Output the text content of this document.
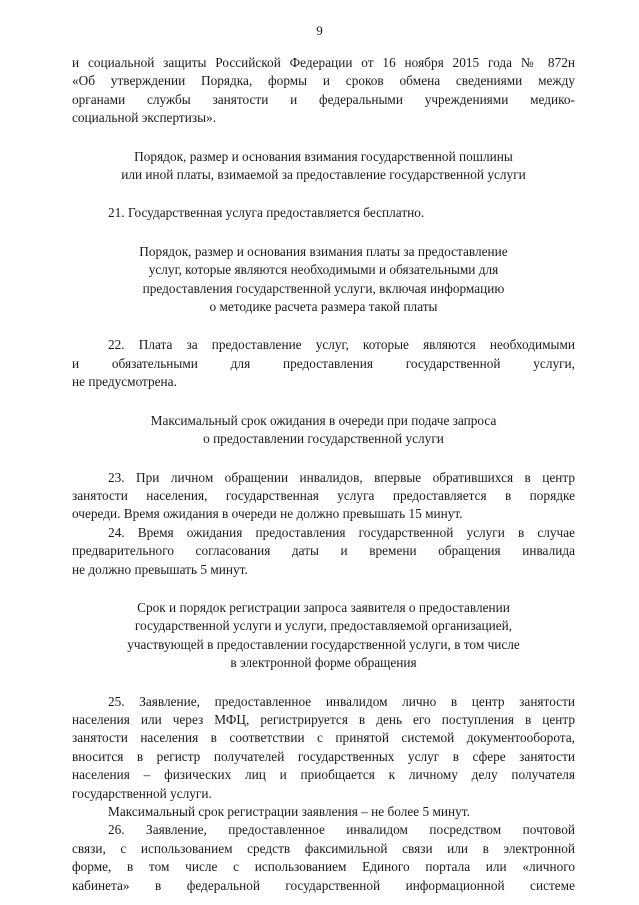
9

и социальной защиты Российской Федерации от 16 ноября 2015 года № 872н
«Об утверждении Порядка, формы и сроков обмена сведениями между
органами службы занятости и федеральными учреждениями медико-
социальной экспертизы».

Порядок, размер и основания взимания государственной пошлины
или иной платы, взимаемой за предоставление государственной услуги

21. Государственная услуга предоставляется бесплатно.

Порядок, размер и основания взимания платы за предоставление
услуг, которые являются необходимыми и обязательными для
предоставления государственной услуги, включая информацию
о методике расчета размера такой платы

22. Плата за предоставление услуг, которые являются необходимыми
и обязательными для предоставления государственной услуги,
не предусмотрена.

Максимальный срок ожидания в очереди при подаче запроса
о предоставлении государственной услуги

23. При личном обращении инвалидов, впервые обратившихся в центр
занятости населения, государственная услуга предоставляется в порядке
очереди. Время ожидания в очереди не должно превышать 15 минут.

24. Время ожидания предоставления государственной услуги в случае
предварительного согласования даты и времени обращения инвалида
не должно превышать 5 минут.

Срок и порядок регистрации запроса заявителя о предоставлении
государственной услуги и услуги, предоставляемой организацией,
участвующей в предоставлении государственной услуги, в том числе
в электронной форме обращения

25. Заявление, предоставленное инвалидом лично в центр занятости
населения или через МФЦ, регистрируется в день его поступления в центр
занятости населения в соответствии с принятой системой документооборота,
вносится в регистр получателей государственных услуг в сфере занятости
населения – физических лиц и приобщается к личному делу получателя
государственной услуги.

Максимальный срок регистрации заявления – не более 5 минут.

26. Заявление, предоставленное инвалидом посредством почтовой
связи, с использованием средств факсимильной связи или в электронной
форме, в том числе с использованием Единого портала или «личного
кабинета» в федеральной государственной информационной системе
